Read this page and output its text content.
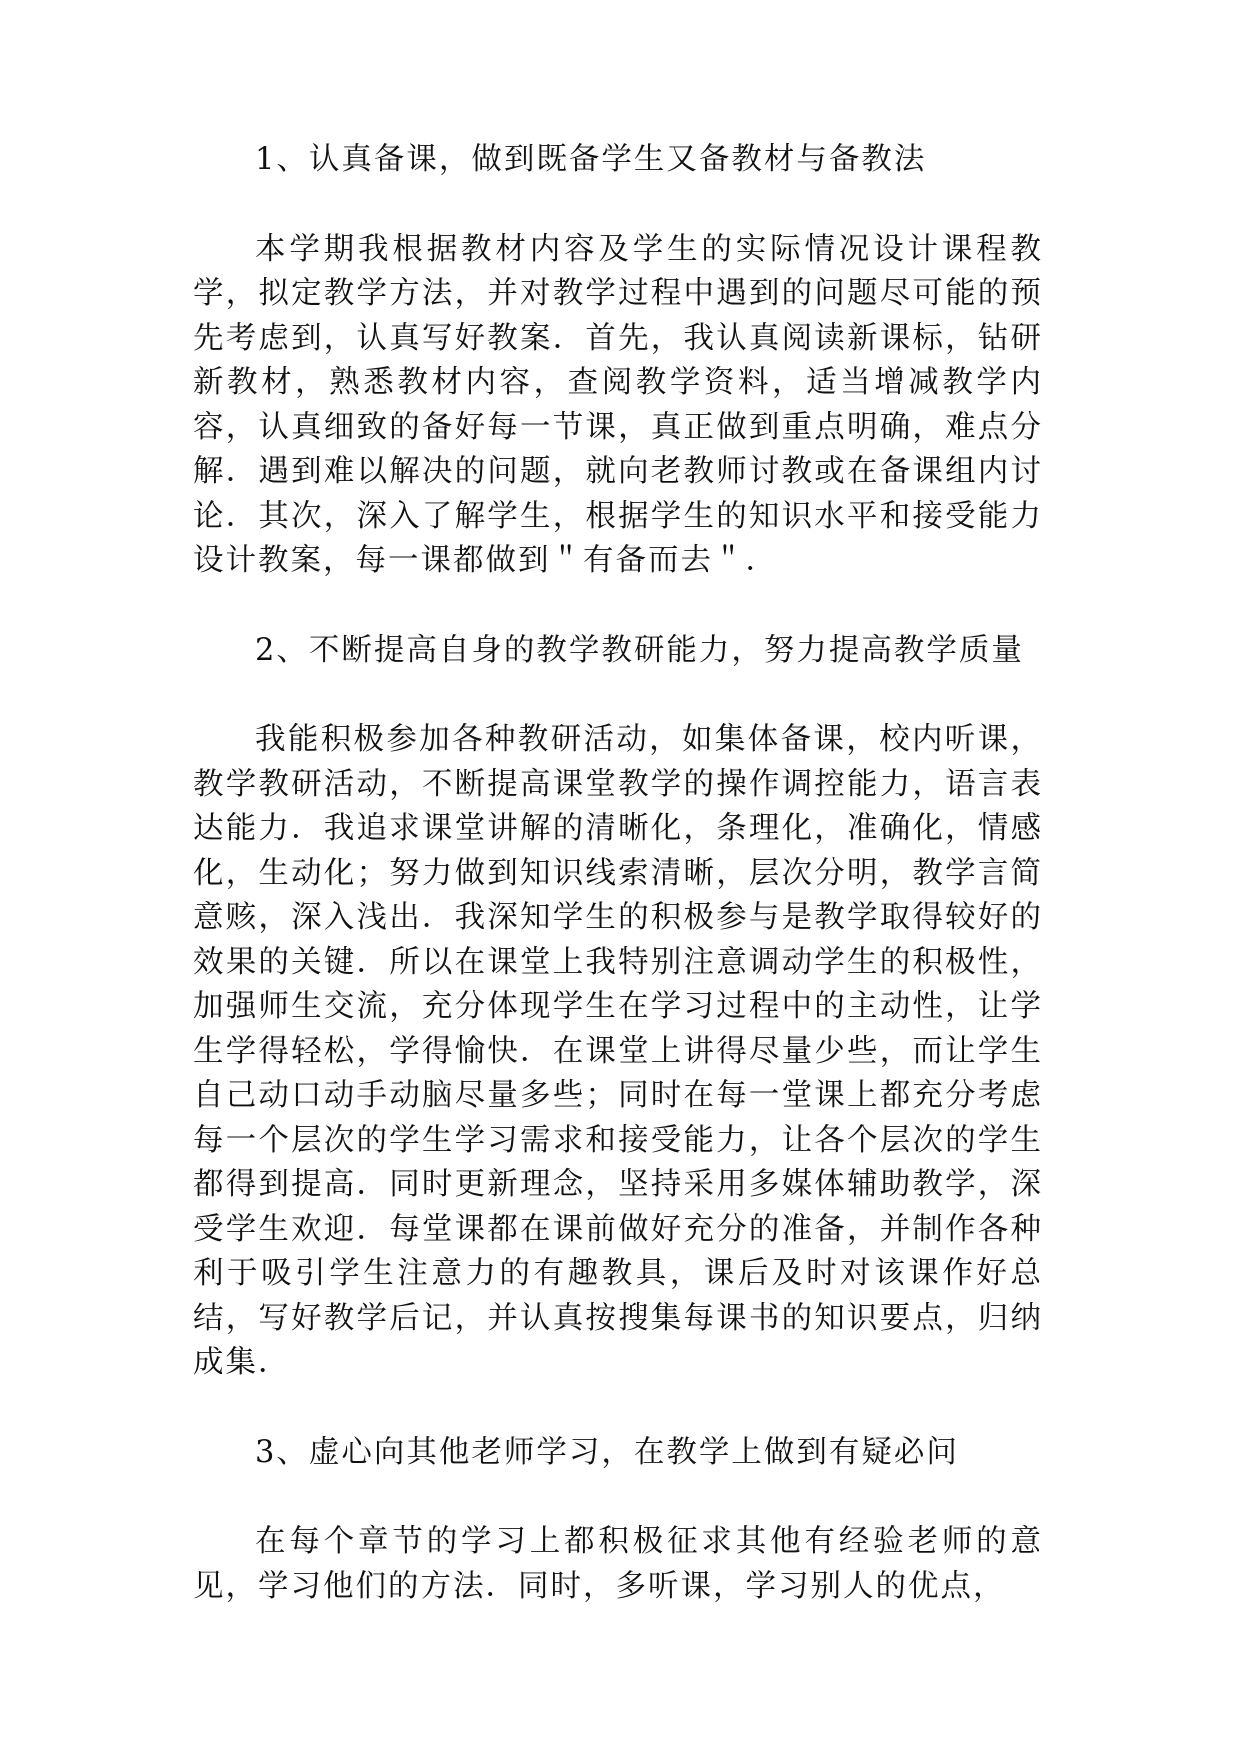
1、认真备课，做到既备学生又备教材与备教法

本学期我根据教材内容及学生的实际情况设计课程教学，拟定教学方法，并对教学过程中遇到的问题尽可能的预先考虑到，认真写好教案．首先，我认真阅读新课标，钻研新教材，熟悉教材内容，查阅教学资料，适当增减教学内容，认真细致的备好每一节课，真正做到重点明确，难点分解．遇到难以解决的问题，就向老教师讨教或在备课组内讨论．其次，深入了解学生，根据学生的知识水平和接受能力设计教案，每一课都做到＂有备而去＂．

2、不断提高自身的教学教研能力，努力提高教学质量

我能积极参加各种教研活动，如集体备课，校内听课，教学教研活动，不断提高课堂教学的操作调控能力，语言表达能力．我追求课堂讲解的清晰化，条理化，准确化，情感化，生动化；努力做到知识线索清晰，层次分明，教学言简意赅，深入浅出．我深知学生的积极参与是教学取得较好的效果的关键．所以在课堂上我特别注意调动学生的积极性，加强师生交流，充分体现学生在学习过程中的主动性，让学生学得轻松，学得愉快．在课堂上讲得尽量少些，而让学生自己动口动手动脑尽量多些；同时在每一堂课上都充分考虑每一个层次的学生学习需求和接受能力，让各个层次的学生都得到提高．同时更新理念，坚持采用多媒体辅助教学，深受学生欢迎．每堂课都在课前做好充分的准备，并制作各种利于吸引学生注意力的有趣教具，课后及时对该课作好总结，写好教学后记，并认真按搜集每课书的知识要点，归纳成集．

3、虚心向其他老师学习，在教学上做到有疑必问

在每个章节的学习上都积极征求其他有经验老师的意见，学习他们的方法．同时，多听课，学习别人的优点，
